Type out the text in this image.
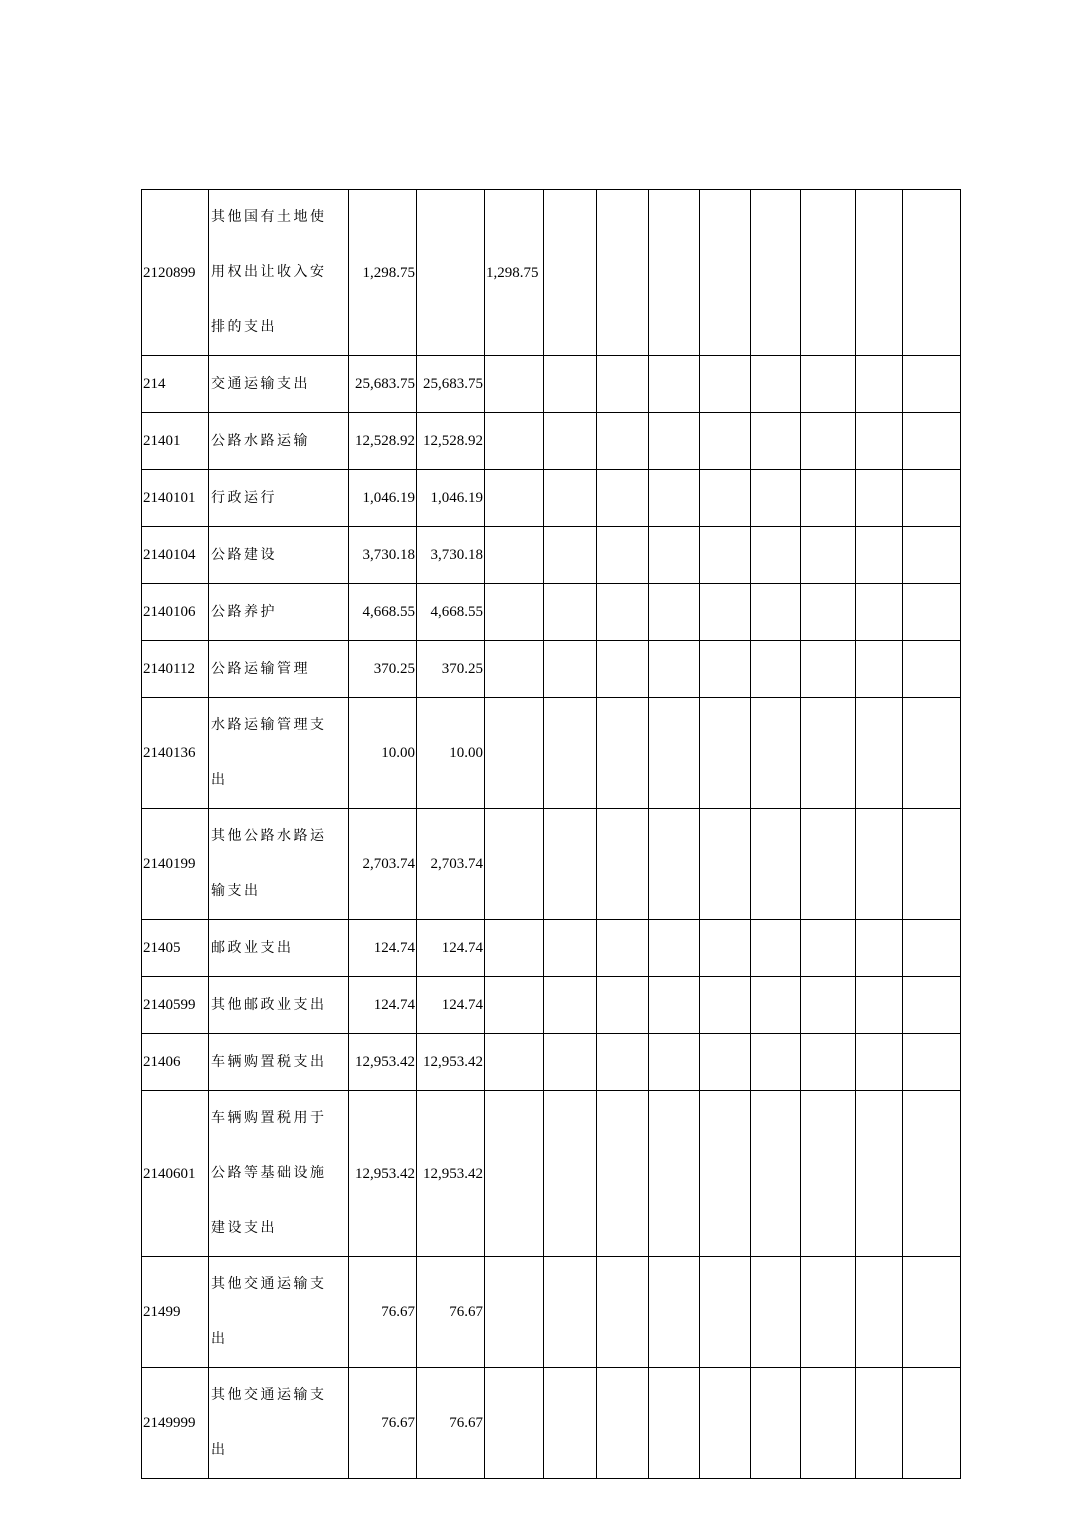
2120899	其他国有土地使用权出让收入安排的支出	1,298.75		1,298.75								
214	交通运输支出	25,683.75	25,683.75									
21401	公路水路运输	12,528.92	12,528.92									
2140101	行政运行	1,046.19	1,046.19									
2140104	公路建设	3,730.18	3,730.18									
2140106	公路养护	4,668.55	4,668.55									
2140112	公路运输管理	370.25	370.25									
2140136	水路运输管理支出	10.00	10.00									
2140199	其他公路水路运输支出	2,703.74	2,703.74									
21405	邮政业支出	124.74	124.74									
2140599	其他邮政业支出	124.74	124.74									
21406	车辆购置税支出	12,953.42	12,953.42									
2140601	车辆购置税用于公路等基础设施建设支出	12,953.42	12,953.42									
21499	其他交通运输支出	76.67	76.67									
2149999	其他交通运输支出	76.67	76.67									
